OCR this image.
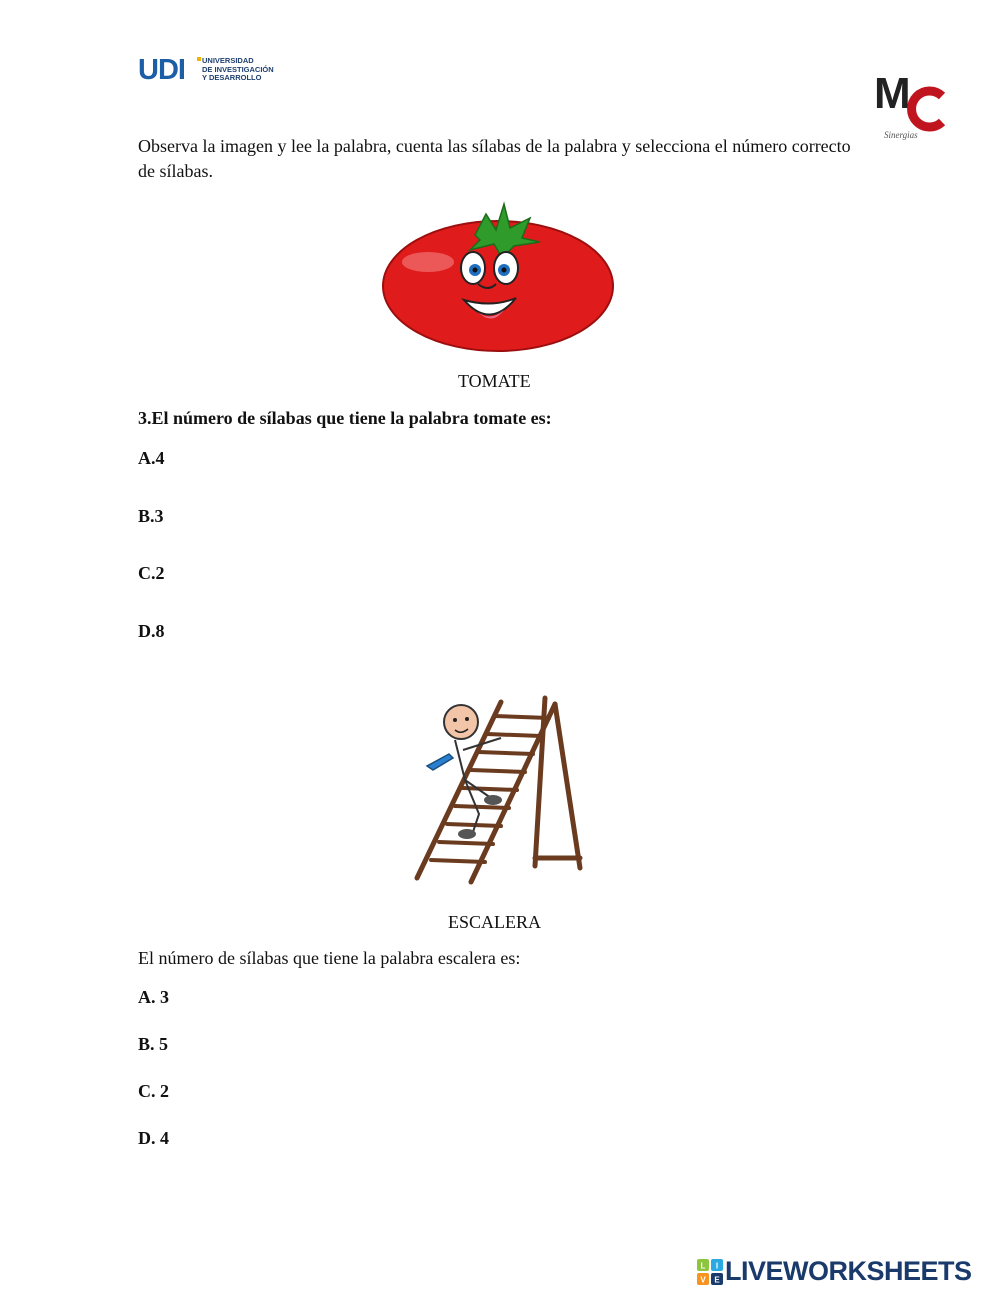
UDI UNIVERSIDAD
DE INVESTIGACIÓN
Y DESARROLLO	M
Sinergias
Observa la imagen y lee la palabra, cuenta las sílabas de la palabra y selecciona el número correcto de sílabas.
TOMATE
3.El número de sílabas que tiene la palabra tomate es:
A.4
B.3
C.2
D.8
ESCALERA
El número de sílabas que tiene la palabra escalera es:
A. 3
B. 5
C. 2
D. 4
L I
V E LIVEWORKSHEETS
